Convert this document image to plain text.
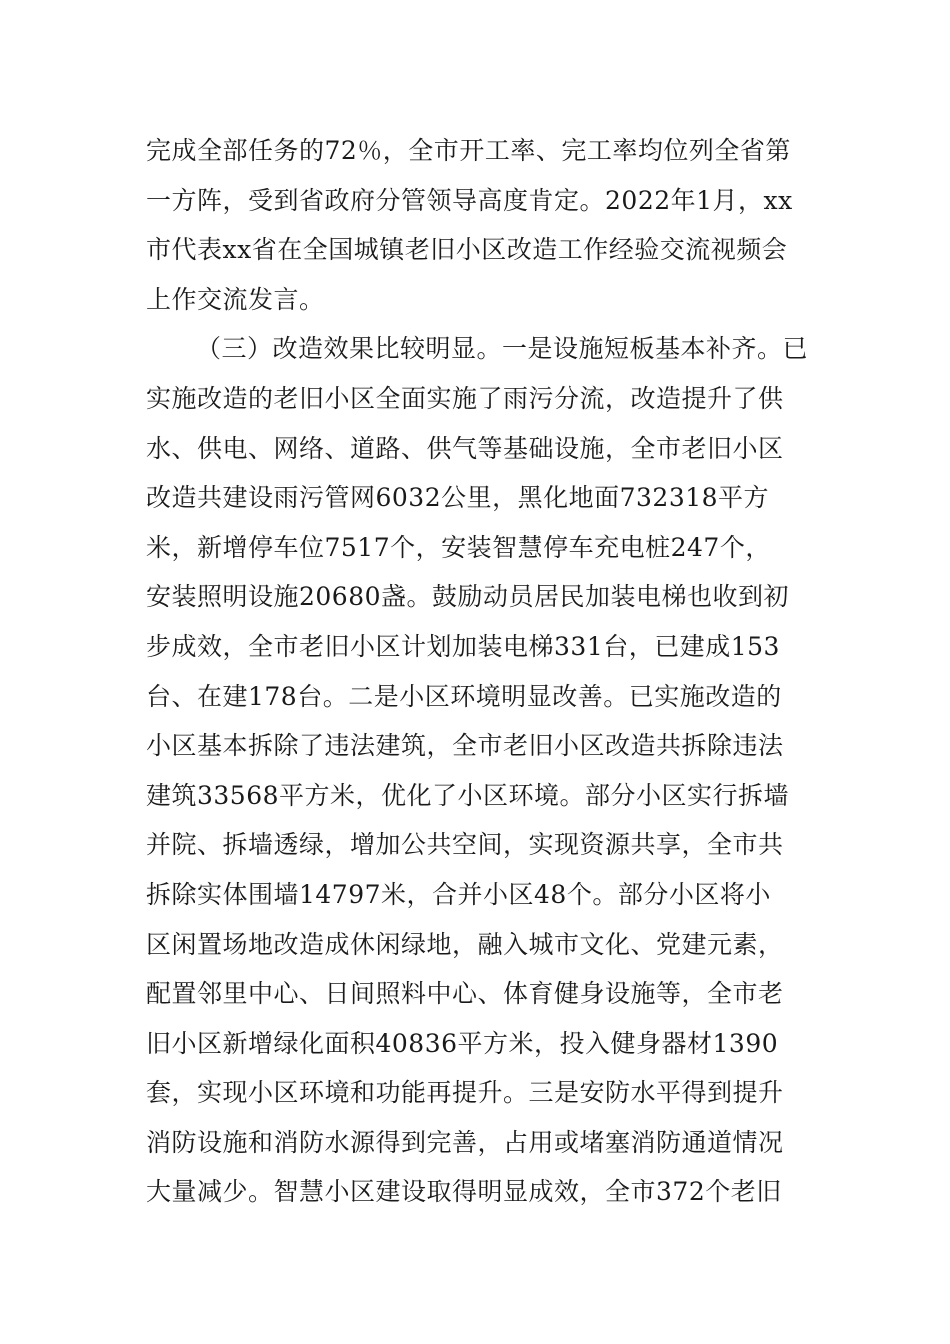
完成全部任务的72％，全市开工率、完工率均位列全省第
一方阵，受到省政府分管领导高度肯定。2022年1月，xx
市代表xx省在全国城镇老旧小区改造工作经验交流视频会
上作交流发言。
（三）改造效果比较明显。一是设施短板基本补齐。已
实施改造的老旧小区全面实施了雨污分流，改造提升了供
水、供电、网络、道路、供气等基础设施，全市老旧小区
改造共建设雨污管网6032公里，黑化地面732318平方
米，新增停车位7517个，安装智慧停车充电桩247个，
安装照明设施20680盏。鼓励动员居民加装电梯也收到初
步成效，全市老旧小区计划加装电梯331台，已建成153
台、在建178台。二是小区环境明显改善。已实施改造的
小区基本拆除了违法建筑，全市老旧小区改造共拆除违法
建筑33568平方米，优化了小区环境。部分小区实行拆墙
并院、拆墙透绿，增加公共空间，实现资源共享，全市共
拆除实体围墙14797米，合并小区48个。部分小区将小
区闲置场地改造成休闲绿地，融入城市文化、党建元素，
配置邻里中心、日间照料中心、体育健身设施等，全市老
旧小区新增绿化面积40836平方米，投入健身器材1390
套，实现小区环境和功能再提升。三是安防水平得到提升
消防设施和消防水源得到完善，占用或堵塞消防通道情况
大量减少。智慧小区建设取得明显成效，全市372个老旧
